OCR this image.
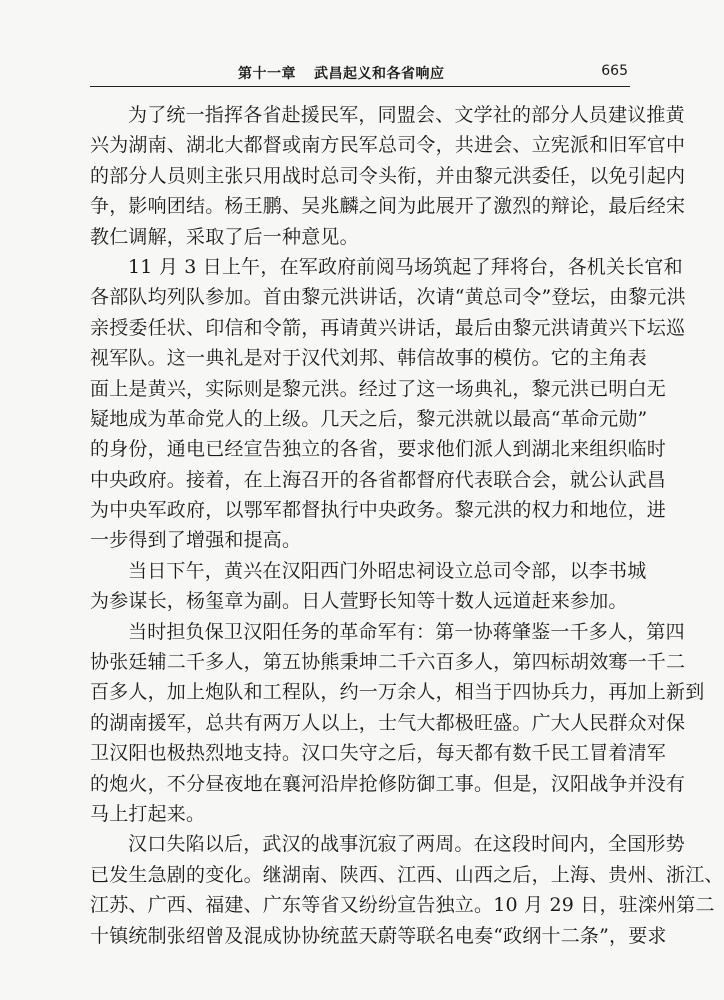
第十一章 武昌起义和各省响应	665
为了统一指挥各省赴援民军，同盟会、文学社的部分人员建议推黄
兴为湖南、湖北大都督或南方民军总司令，共进会、立宪派和旧军官中
的部分人员则主张只用战时总司令头衔，并由黎元洪委任，以免引起内
争，影响团结。杨王鹏、吴兆麟之间为此展开了激烈的辩论，最后经宋
教仁调解，采取了后一种意见。
11 月 3 日上午，在军政府前阅马场筑起了拜将台，各机关长官和
各部队均列队参加。首由黎元洪讲话，次请“黄总司令”登坛，由黎元洪
亲授委任状、印信和令箭，再请黄兴讲话，最后由黎元洪请黄兴下坛巡
视军队。这一典礼是对于汉代刘邦、韩信故事的模仿。它的主角表
面上是黄兴，实际则是黎元洪。经过了这一场典礼，黎元洪已明白无
疑地成为革命党人的上级。几天之后，黎元洪就以最高“革命元勋”
的身份，通电已经宣告独立的各省，要求他们派人到湖北来组织临时
中央政府。接着，在上海召开的各省都督府代表联合会，就公认武昌
为中央军政府，以鄂军都督执行中央政务。黎元洪的权力和地位，进
一步得到了增强和提高。
当日下午，黄兴在汉阳西门外昭忠祠设立总司令部，以李书城
为参谋长，杨玺章为副。日人萱野长知等十数人远道赶来参加。
当时担负保卫汉阳任务的革命军有：第一协蒋肇鉴一千多人，第四
协张廷辅二千多人，第五协熊秉坤二千六百多人，第四标胡效骞一千二
百多人，加上炮队和工程队，约一万余人，相当于四协兵力，再加上新到
的湖南援军，总共有两万人以上，士气大都极旺盛。广大人民群众对保
卫汉阳也极热烈地支持。汉口失守之后，每天都有数千民工冒着清军
的炮火，不分昼夜地在襄河沿岸抢修防御工事。但是，汉阳战争并没有
马上打起来。
汉口失陷以后，武汉的战事沉寂了两周。在这段时间内，全国形势
已发生急剧的变化。继湖南、陕西、江西、山西之后，上海、贵州、浙江、
江苏、广西、福建、广东等省又纷纷宣告独立。10 月 29 日，驻滦州第二
十镇统制张绍曾及混成协协统蓝天蔚等联名电奏“政纲十二条”，要求
